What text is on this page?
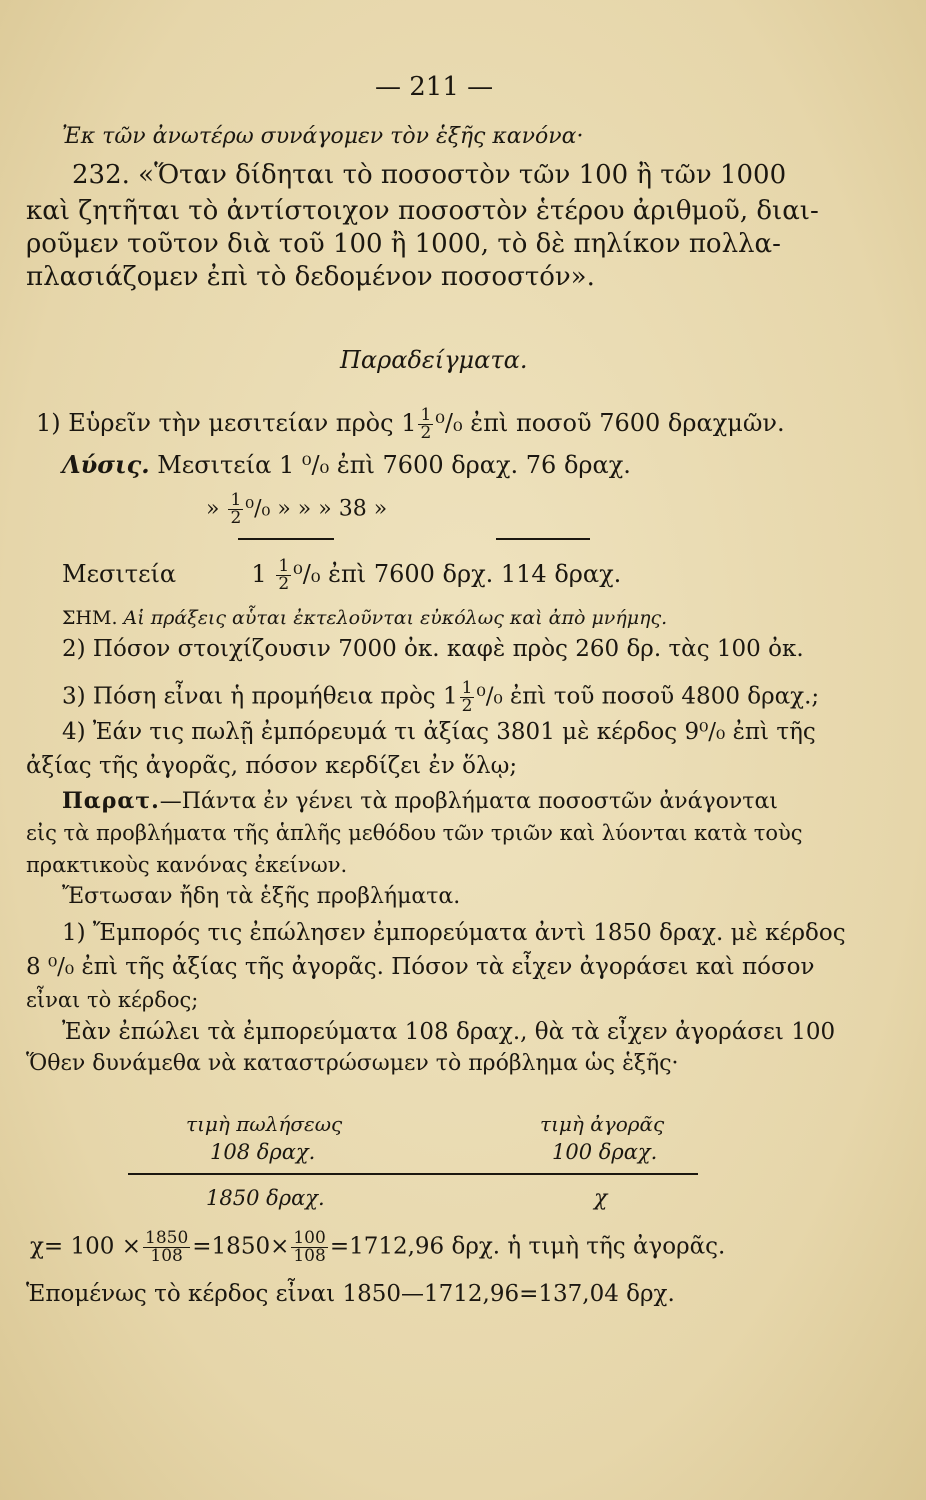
— 211 —
Ἐκ τῶν ἀνωτέρω συνάγομεν τὸν ἑξῆς κανόνα·
232. «Ὅταν δίδηται τὸ ποσοστὸν τῶν 100 ἢ τῶν 1000
καὶ ζητῆται τὸ ἀντίστοιχον ποσοστὸν ἑτέρου ἀριθμοῦ, διαι-
ροῦμεν τοῦτον διὰ τοῦ 100 ἢ 1000, τὸ δὲ πηλίκον πολλα-
πλασιάζομεν ἐπὶ τὸ δεδομένον ποσοστόν».
Παραδείγματα.
1) Εὑρεῖν τὴν μεσιτείαν πρὸς $1 \frac{1}{2} ^0/_0$ ἐπὶ ποσοῦ 7600 δραχμῶν.
Λύσις. Μεσιτεία 1 ⁰/₀ ἐπὶ 7600 δραχ. 76 δραχ.
» $\frac{1}{2} ^0/_0$ » » » 38 »
Μεσιτεία	$1 \frac{1}{2} ^0/_0$ ἐπὶ 7600 δρχ. 114 δραχ.
ΣΗΜ. Αἱ πράξεις αὗται ἐκτελοῦνται εὐκόλως καὶ ἀπὸ μνήμης.
2) Πόσον στοιχίζουσιν 7000 ὀκ. καφὲ πρὸς 260 δρ. τὰς 100 ὀκ.
3) Πόση εἶναι ἡ προμήθεια πρὸς $1 \frac{1}{2} ^0/_0$ ἐπὶ τοῦ ποσοῦ 4800 δραχ.;
4) Ἐάν τις πωλῇ ἐμπόρευμά τι ἀξίας 3801 μὲ κέρδος 9⁰/₀ ἐπὶ τῆς
ἀξίας τῆς ἀγορᾶς, πόσον κερδίζει ἐν ὅλῳ;
Παρατ.—Πάντα ἐν γένει τὰ προβλήματα ποσοστῶν ἀνάγονται
εἰς τὰ προβλήματα τῆς ἁπλῆς μεθόδου τῶν τριῶν καὶ λύονται κατὰ τοὺς
πρακτικοὺς κανόνας ἐκείνων.
Ἔστωσαν ἤδη τὰ ἑξῆς προβλήματα.
1) Ἔμπορός τις ἐπώλησεν ἐμπορεύματα ἀντὶ 1850 δραχ. μὲ κέρδος
8 ⁰/₀ ἐπὶ τῆς ἀξίας τῆς ἀγορᾶς. Πόσον τὰ εἶχεν ἀγοράσει καὶ πόσον
εἶναι τὸ κέρδος;
Ἐὰν ἐπώλει τὰ ἐμπορεύματα 108 δραχ., θὰ τὰ εἶχεν ἀγοράσει 100
Ὅθεν δυνάμεθα νὰ καταστρώσωμεν τὸ πρόβλημα ὡς ἑξῆς·
τιμὴ πωλήσεως	τιμὴ ἀγορᾶς
108 δραχ.	100 δραχ.
1850 δραχ.	χ
$\chi= 100 \times \frac{1850}{108} =1850\times \frac{100}{108} =1712,96$ δρχ. ἡ τιμὴ τῆς ἀγορᾶς.
Ἑπομένως τὸ κέρδος εἶναι 1850—1712,96=137,04 δρχ.
